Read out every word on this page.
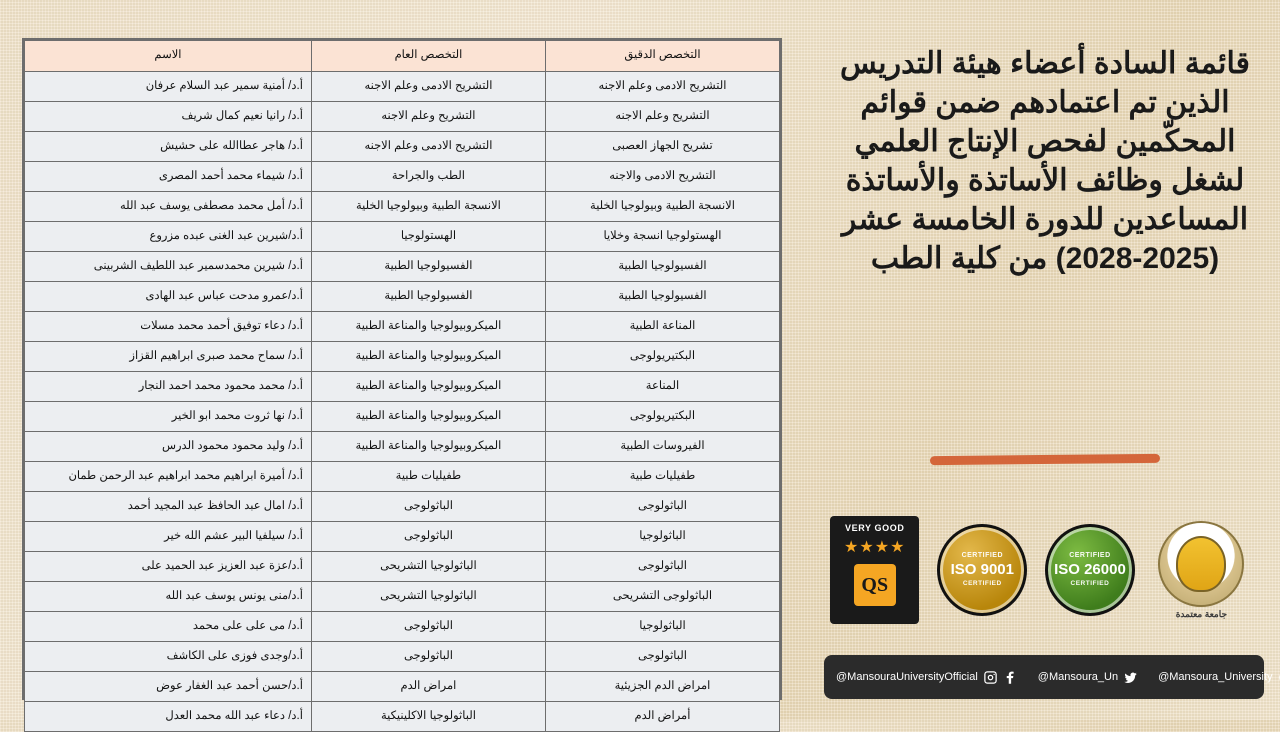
قائمة السادة أعضاء هيئة التدريس الذين تم اعتمادهم ضمن قوائم المحكّمين لفحص الإنتاج العلمي لشغل وظائف الأساتذة والأساتذة المساعدين للدورة الخامسة عشر (2025-2028) من كلية الطب
VERY GOOD
★★★★
QS
CERTIFIED
ISO 9001
CERTIFIED
CERTIFIED
ISO 26000
CERTIFIED
جامعة معتمدة
@MansouraUniversityOfficial	@Mansoura_Un	@Mansoura_University
التخصص الدقيق	التخصص العام	الاسم
التشريح الادمى وعلم الاجنه	التشريح الادمى وعلم الاجنه	أ.د/ أمنية سمير عبد السلام عرفان
التشريح وعلم الاجنه	التشريح وعلم الاجنه	أ.د/ رانيا نعيم كمال شريف
تشريح الجهاز العصبى	التشريح الادمى وعلم الاجنه	أ.د/ هاجر عطاالله على حشيش
التشريح الادمى والاجنه	الطب والجراحة	أ.د/ شيماء محمد أحمد المصرى
الانسجة الطبية وبيولوجيا الخلية	الانسجة الطبية وبيولوجيا الخلية	أ.د/ أمل محمد مصطفى يوسف عبد الله
الهستولوجيا انسجة وخلايا	الهستولوجيا	أ.د/شيرين عبد الغنى عبده مزروع
الفسيولوجيا الطبية	الفسيولوجيا الطبية	أ.د/ شيرين محمدسمير عبد اللطيف الشربينى
الفسيولوجيا الطبية	الفسيولوجيا الطبية	أ.د/عمرو مدحت عباس عبد الهادى
المناعة الطبية	الميكروبيولوجيا والمناعة الطبية	أ.د/ دعاء توفيق أحمد محمد مسلات
البكتيريولوجى	الميكروبيولوجيا والمناعة الطبية	أ.د/ سماح محمد صبرى ابراهيم القزاز
المناعة	الميكروبيولوجيا والمناعة الطبية	أ.د/ محمد محمود محمد احمد النجار
البكتيريولوجى	الميكروبيولوجيا والمناعة الطبية	أ.د/ نها ثروت محمد ابو الخير
الفيروسات الطبية	الميكروبيولوجيا والمناعة الطبية	أ.د/ وليد محمود محمود الدرس
طفيليات طبية	طفيليات طبية	أ.د/ أميرة ابراهيم محمد ابراهيم عبد الرحمن طمان
الباثولوجى	الباثولوجى	أ.د/ امال عبد الحافظ عبد المجيد أحمد
الباثولوجيا	الباثولوجى	أ.د/ سيلفيا البير عشم الله خير
الباثولوجى	الباثولوجيا التشريحى	أ.د/عزة عبد العزيز عبد الحميد على
الباثولوجى التشريحى	الباثولوجيا التشريحى	أ.د/منى يونس يوسف عبد الله
الباثولوجيا	الباثولوجى	أ.د/ مى على على محمد
الباثولوجى	الباثولوجى	أ.د/وجدى فوزى على الكاشف
امراض الدم الجزيئية	امراض الدم	أ.د/حسن أحمد عبد الغفار عوض
أمراض الدم	الباثولوجيا الاكلينيكية	أ.د/ دعاء عبد الله محمد العدل
